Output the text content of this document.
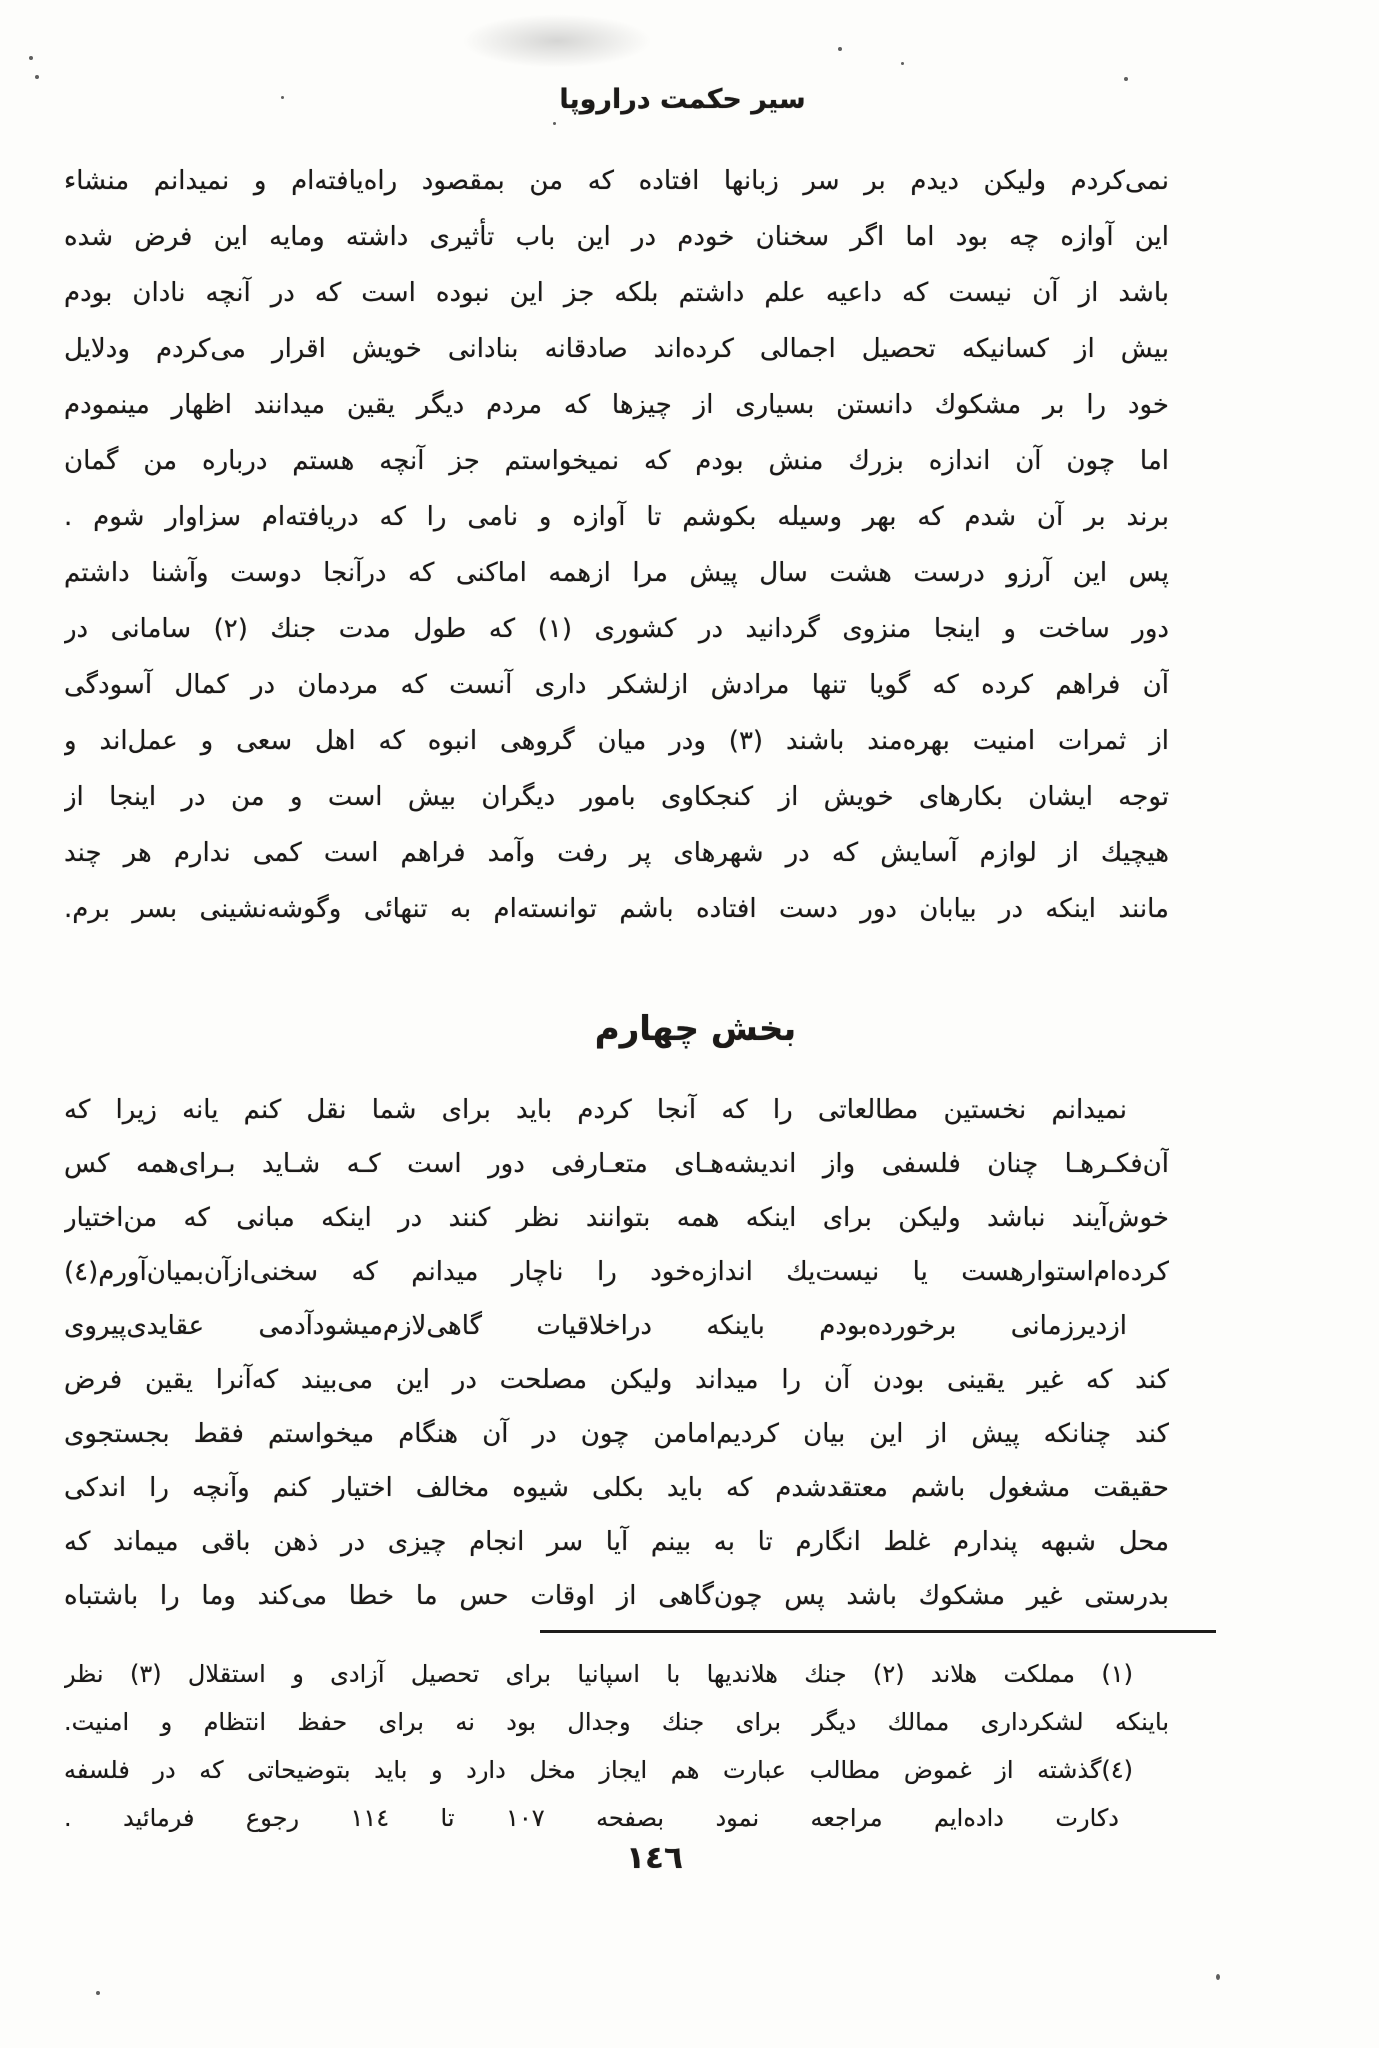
سیر حکمت دراروپا
نمی‌کردم ولیکن دیدم بر سر زبانها افتاده که من بمقصود راه‌یافته‌ام و نمیدانم منشاء
این آوازه چه بود اما اگر سخنان خودم در این باب تأثیری داشته ومایه این فرض شده
باشد از آن نیست که داعیه علم داشتم بلکه جز این نبوده است که در آنچه نادان بودم
بیش از کسانیکه تحصیل اجمالی کرده‌اند صادقانه بنادانی خویش اقرار می‌کردم ودلایل
خود را بر مشکوك دانستن بسیاری از چیزها که مردم دیگر یقین میدانند اظهار مینمودم
اما چون آن اندازه بزرك منش بودم که نمیخواستم جز آنچه هستم درباره من گمان
برند بر آن شدم که بهر وسیله بکوشم تا آوازه و نامی را که دریافته‌ام سزاوار شوم .
پس این آرزو درست هشت سال پیش مرا ازهمه اماکنی که درآنجا دوست وآشنا داشتم
دور ساخت و اینجا منزوی گردانید در کشوری (۱) که طول مدت جنك (۲) سامانی در
آن فراهم کرده که گویا تنها مرادش ازلشکر داری آنست که مردمان در کمال آسودگی
از ثمرات امنیت بهره‌مند باشند (۳) ودر میان گروهی انبوه که اهل سعی و عمل‌اند و
توجه ایشان بکارهای خویش از کنجکاوی بامور دیگران بیش است و من در اینجا از
هیچیك از لوازم آسایش که در شهرهای پر رفت وآمد فراهم است کمی ندارم هر چند
مانند اینکه در بیابان دور دست افتاده باشم توانسته‌ام به تنهائی وگوشه‌نشینی بسر برم.
بخش چهارم
نمیدانم نخستین مطالعاتی را که آنجا کردم باید برای شما نقل کنم یانه زیرا که
آن‌فکـرهـا چنان فلسفی واز اندیشه‌هـای متعـارفی دور است کـه شـاید بـرای‌همه کس
خوش‌آیند نباشد ولیکن برای اینکه همه بتوانند نظر کنند در اینکه مبانی که من‌اختیار
کرده‌ام‌استوارهست یا نیست‌یك اندازه‌خود را ناچار میدانم که سخنی‌ازآن‌بمیان‌آورم(٤)
ازدیرزمانی برخورده‌بودم باینکه دراخلاقیات گاهی‌لازم‌میشودآدمی عقایدی‌پیروی
کند که غیر یقینی بودن آن را میداند ولیکن مصلحت در این می‌بیند که‌آنرا یقین فرض
کند چنانکه پیش از این بیان کردیم‌امامن چون در آن هنگام میخواستم فقط بجستجوی
حقیقت مشغول باشم معتقدشدم که باید بکلی شیوه مخالف اختیار کنم وآنچه را اندکی
محل شبهه پندارم غلط انگارم تا به بینم آیا سر انجام چیزی در ذهن باقی میماند که
بدرستی غیر مشکوك باشد پس چون‌گاهی از اوقات حس ما خطا می‌کند وما را باشتباه
(۱) مملکت هلاند (۲) جنك هلاندیها با اسپانیا برای تحصیل آزادی و استقلال (۳) نظر
باینکه لشکرداری ممالك دیگر برای جنك وجدال بود نه برای حفظ انتظام و امنیت.
(٤)گذشته از غموض مطالب عبارت هم ایجاز مخل دارد و باید بتوضیحاتی که در فلسفه
دکارت داده‌ایم مراجعه نمود بصفحه ۱۰۷ تا ۱۱٤ رجوع فرمائید .
١٤٦
